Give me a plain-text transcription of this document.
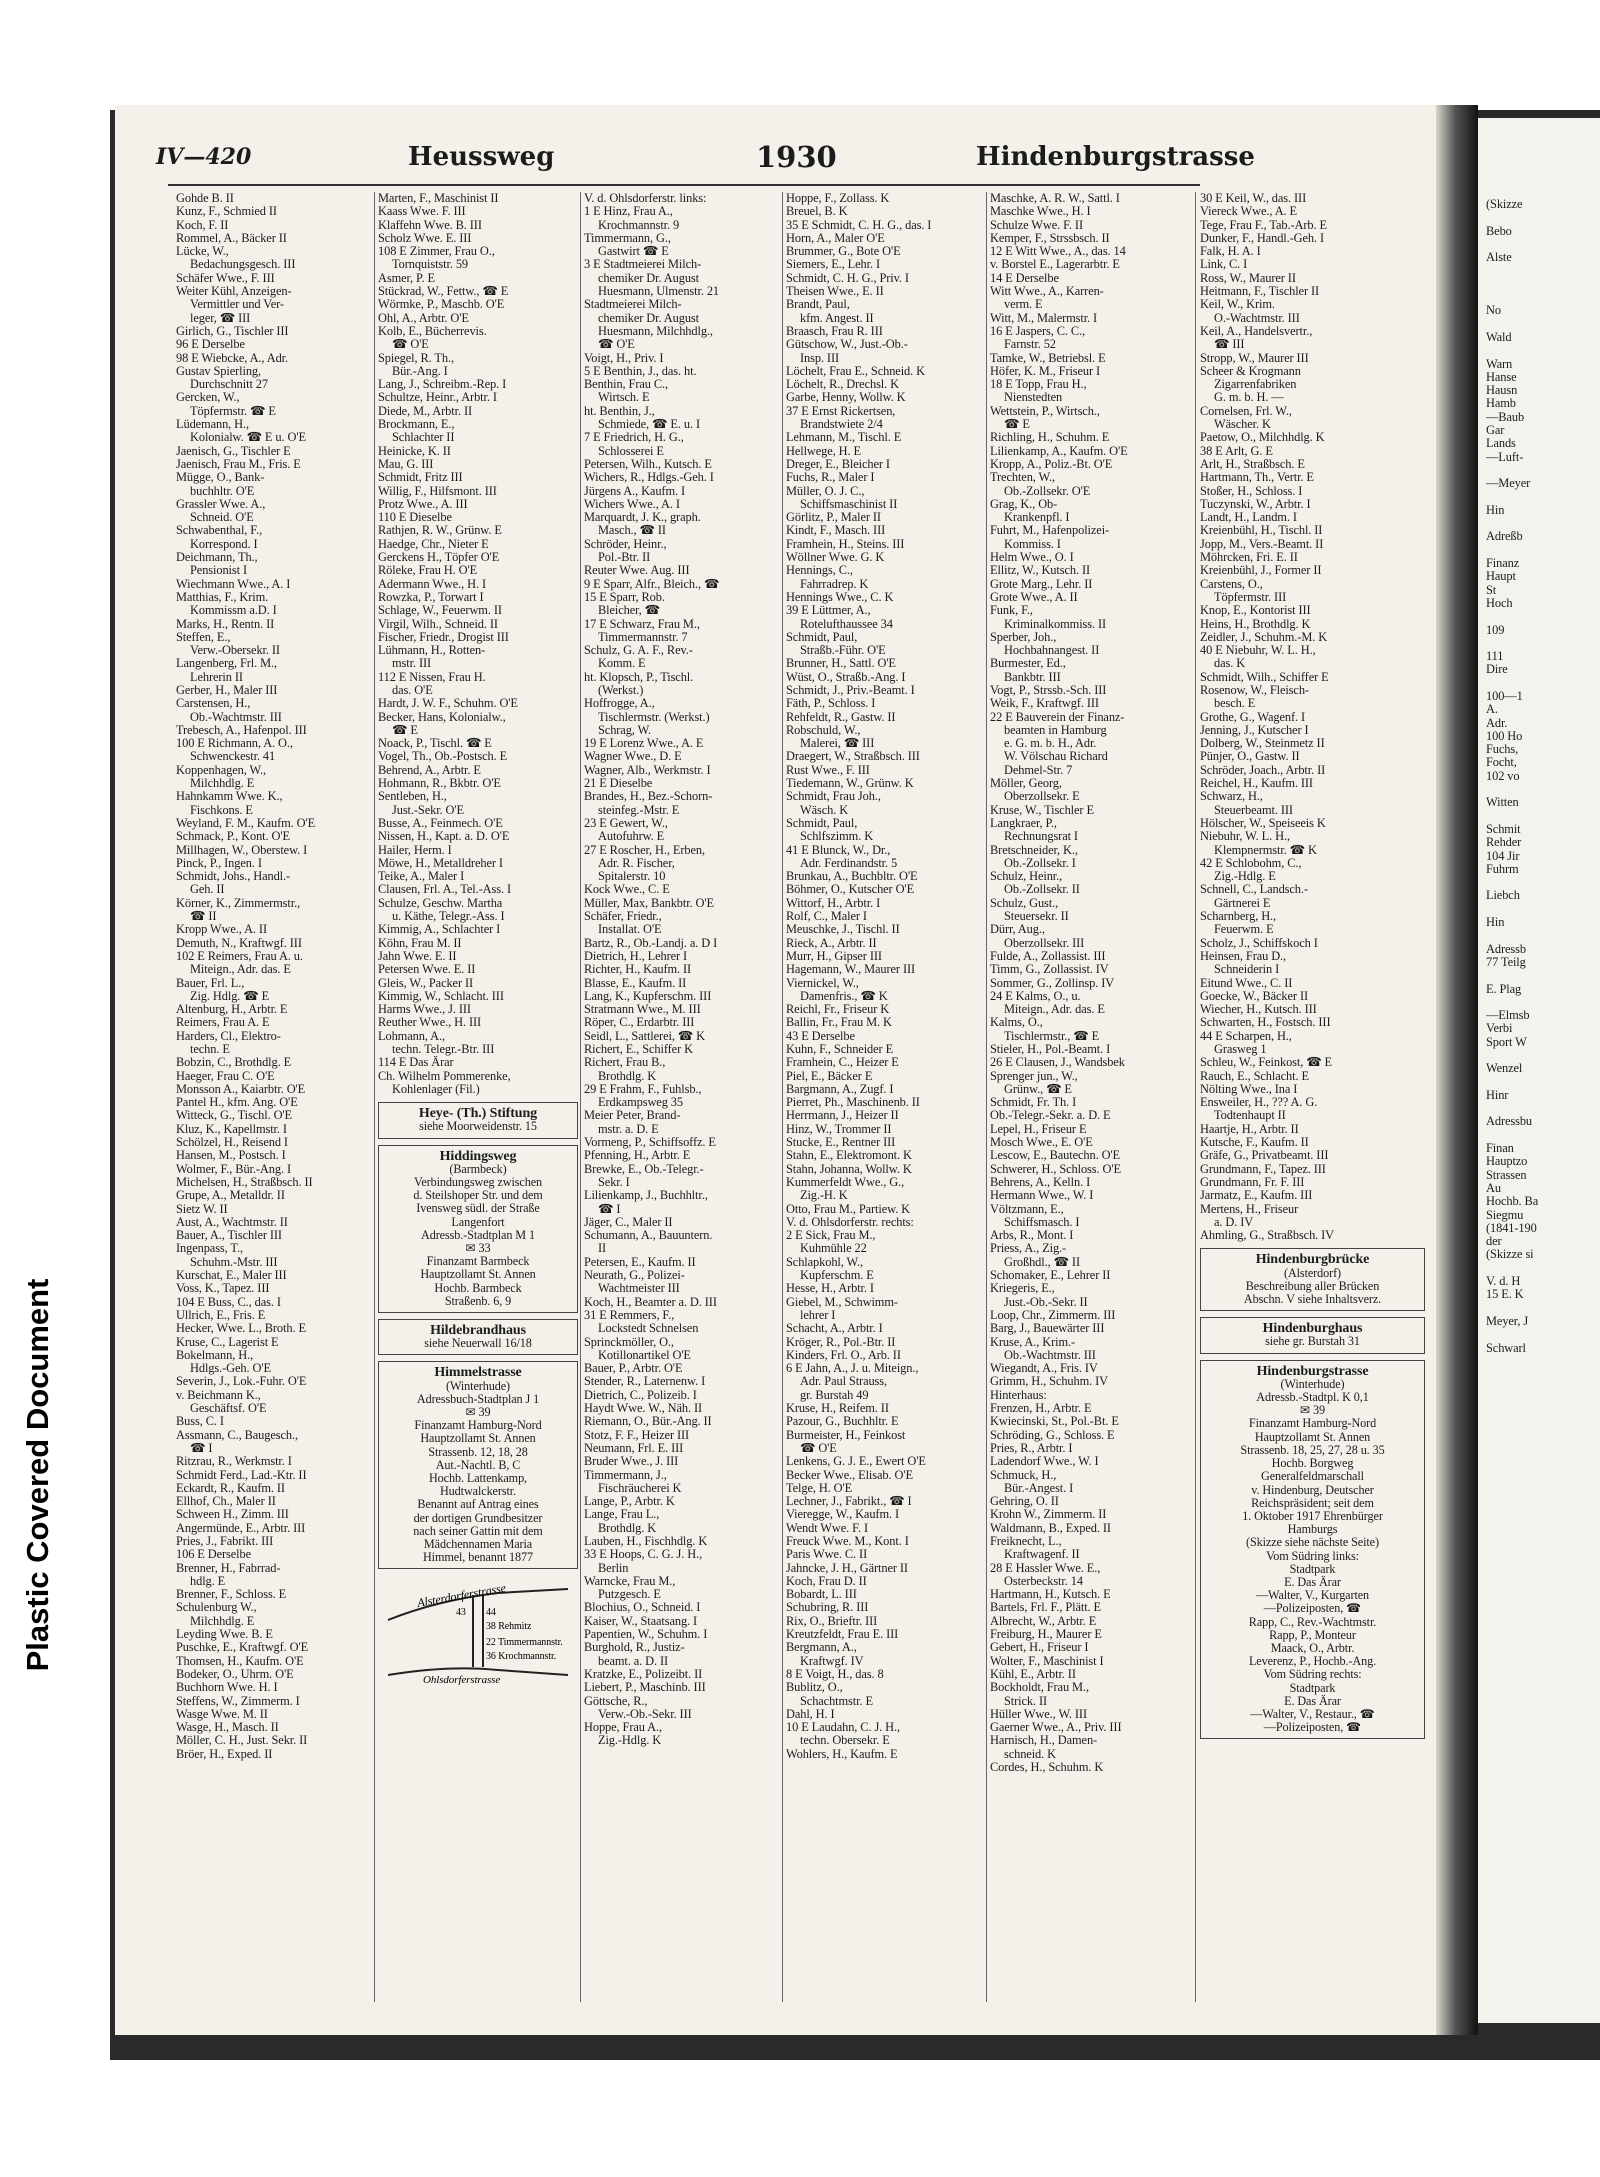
(Skizze
Bebo
Alste
No
Wald
Warn
Hanse
Hausn
Hamb
—Baub
Gar
Lands
—Luft-
—Meyer
Hin
Adreßb
Finanz
Haupt
St
Hoch
109
111
Dire
100—1
A.
Adr.
100 Ho
Fuchs,
Focht,
102 vo
Witten
Schmit
Rehder
104 Jir
Fuhrm
Liebch
Hin
Adressb
77 Teilg
E. Plag
—Elmsb
Verbi
Sport W
Wenzel
Hinr
Adressbu
Finan
Hauptzo
Strassen
Au
Hochb. Ba
Siegmu
(1841-190
der
(Skizze si
V. d. H
15 E. K
Meyer, J
Schwarl
Plastic Covered Document
IV—420	Heussweg	1930	Hindenburgstrasse
Gohde B. II
Kunz, F., Schmied II
Koch, F. II
Rommel, A., Bäcker II
Lücke, W.,
Bedachungsgesch. III
Schäfer Wwe., F. III
Weiter Kühl, Anzeigen-
Vermittler und Ver-
leger, ☎ III
Girlich, G., Tischler III
96 E Derselbe
98 E Wiebcke, A., Adr.
Gustav Spierling,
Durchschnitt 27
Gercken, W.,
Töpfermstr. ☎ E
Lüdemann, H.,
Kolonialw. ☎ E u. O'E
Jaenisch, G., Tischler E
Jaenisch, Frau M., Fris. E
Mügge, O., Bank-
buchhltr. O'E
Grassler Wwe. A.,
Schneid. O'E
Schwabenthal, F.,
Korrespond. I
Deichmann, Th.,
Pensionist I
Wiechmann Wwe., A. I
Matthias, F., Krim.
Kommissm a.D. I
Marks, H., Rentn. II
Steffen, E.,
Verw.-Obersekr. II
Langenberg, Frl. M.,
Lehrerin II
Gerber, H., Maler III
Carstensen, H.,
Ob.-Wachtmstr. III
Trebesch, A., Hafenpol. III
100 E Richmann, A. O.,
Schwenckestr. 41
Koppenhagen, W.,
Milchhdlg. E
Hahnkamm Wwe. K.,
Fischkons. E
Weyland, F. M., Kaufm. O'E
Schmack, P., Kont. O'E
Millhagen, W., Oberstew. I
Pinck, P., Ingen. I
Schmidt, Johs., Handl.-
Geh. II
Körner, K., Zimmermstr.,
☎ II
Kropp Wwe., A. II
Demuth, N., Kraftwgf. III
102 E Reimers, Frau A. u.
Miteign., Adr. das. E
Bauer, Frl. L.,
Zig. Hdlg. ☎ E
Altenburg, H., Arbtr. E
Reimers, Frau A. E
Harders, Cl., Elektro-
techn. E
Bobzin, C., Brothdlg. E
Haeger, Frau C. O'E
Monsson A., Kaiarbtr. O'E
Pantel H., kfm. Ang. O'E
Witteck, G., Tischl. O'E
Kluz, K., Kapellmstr. I
Schölzel, H., Reisend I
Hansen, M., Postsch. I
Wolmer, F., Bür.-Ang. I
Michelsen, H., Straßbsch. II
Grupe, A., Metalldr. II
Sietz W. II
Aust, A., Wachtmstr. II
Bauer, A., Tischler III
Ingenpass, T.,
Schuhm.-Mstr. III
Kurschat, E., Maler III
Voss, K., Tapez. III
104 E Buss, C., das. I
Ullrich, E., Fris. E
Hecker, Wwe. L., Broth. E
Kruse, C., Lagerist E
Bokelmann, H.,
Hdlgs.-Geh. O'E
Severin, J., Lok.-Fuhr. O'E
v. Beichmann K.,
Geschäftsf. O'E
Buss, C. I
Assmann, C., Baugesch.,
☎ I
Ritzrau, R., Werkmstr. I
Schmidt Ferd., Lad.-Ktr. II
Eckardt, R., Kaufm. II
Ellhof, Ch., Maler II
Schween H., Zimm. III
Angermünde, E., Arbtr. III
Pries, J., Fabrikt. III
106 E Derselbe
Brenner, H., Fabrrad-
hdlg. E
Brenner, F., Schloss. E
Schulenburg W.,
Milchhdlg. E
Leyding Wwe. B. E
Puschke, E., Kraftwgf. O'E
Thomsen, H., Kaufm. O'E
Bodeker, O., Uhrm. O'E
Buchhorn Wwe. H. I
Steffens, W., Zimmerm. I
Wasge Wwe. M. II
Wasge, H., Masch. II
Möller, C. H., Just. Sekr. II
Bröer, H., Exped. II
Marten, F., Maschinist II
Kaass Wwe. F. III
Klaffehn Wwe. B. III
Scholz Wwe. E. III
108 E Zimmer, Frau O.,
Tornquiststr. 59
Asmer, P. E
Stückrad, W., Fettw., ☎ E
Wörmke, P., Maschb. O'E
Ohl, A., Arbtr. O'E
Kolb, E., Bücherrevis.
☎ O'E
Spiegel, R. Th.,
Bür.-Ang. I
Lang, J., Schreibm.-Rep. I
Schultze, Heinr., Arbtr. I
Diede, M., Arbtr. II
Brockmann, E.,
Schlachter II
Heinicke, K. II
Mau, G. III
Schmidt, Fritz III
Willig, F., Hilfsmont. III
Protz Wwe., A. III
110 E Dieselbe
Rathjen, R. W., Grünw. E
Haedge, Chr., Nieter E
Gerckens H., Töpfer O'E
Röleke, Frau H. O'E
Adermann Wwe., H. I
Rowzka, P., Torwart I
Schlage, W., Feuerwm. II
Virgil, Wilh., Schneid. II
Fischer, Friedr., Drogist III
Lühmann, H., Rotten-
mstr. III
112 E Nissen, Frau H.
das. O'E
Hardt, J. W. F., Schuhm. O'E
Becker, Hans, Kolonialw.,
☎ E
Noack, P., Tischl. ☎ E
Vogel, Th., Ob.-Postsch. E
Behrend, A., Arbtr. E
Hohmann, R., Bkbtr. O'E
Sentleben, H.,
Just.-Sekr. O'E
Busse, A., Feinmech. O'E
Nissen, H., Kapt. a. D. O'E
Hailer, Herm. I
Möwe, H., Metalldreher I
Teike, A., Maler I
Clausen, Frl. A., Tel.-Ass. I
Schulze, Geschw. Martha
u. Käthe, Telegr.-Ass. I
Kimmig, A., Schlachter I
Köhn, Frau M. II
Jahn Wwe. E. II
Petersen Wwe. E. II
Gleis, W., Packer II
Kimmig, W., Schlacht. III
Harms Wwe., J. III
Reuther Wwe., H. III
Lohmann, A.,
techn. Telegr.-Btr. III
114 E Das Ärar
Ch. Wilhelm Pommerenke,
Kohlenlager (Fil.)
Heye- (Th.) Stiftung
siehe Moorweidenstr. 15
Hiddingsweg
(Barmbeck)
Verbindungsweg zwischen
d. Steilshoper Str. und dem
Ivensweg südl. der Straße
Langenfort
Adressb.-Stadtplan M 1
✉ 33
Finanzamt Barmbeck
Hauptzollamt St. Annen
Hochb. Barmbeck
Straßenb. 6, 9
Hildebrandhaus
siehe Neuerwall 16/18
Himmelstrasse
(Winterhude)
Adressbuch-Stadtplan J 1
✉ 39
Finanzamt Hamburg-Nord
Hauptzollamt St. Annen
Strassenb. 12, 18, 28
Aut.-Nachtl. B, C
Hochb. Lattenkamp,
Hudtwalckerstr.
Benannt auf Antrag eines
der dortigen Grundbesitzer
nach seiner Gattin mit dem
Mädchennamen Maria
Himmel, benannt 1877
Alsterdorferstrasse
Ohlsdorferstrasse
43 44
38 Rehmitz
22 Timmermannstr.
36 Krochmannstr.
V. d. Ohlsdorferstr. links:
1 E Hinz, Frau A.,
Krochmannstr. 9
Timmermann, G.,
Gastwirt ☎ E
3 E Stadtmeierei Milch-
chemiker Dr. August
Huesmann, Ulmenstr. 21
Stadtmeierei Milch-
chemiker Dr. August
Huesmann, Milchhdlg.,
☎ O'E
Voigt, H., Priv. I
5 E Benthin, J., das. ht.
Benthin, Frau C.,
Wirtsch. E
ht. Benthin, J.,
Schmiede, ☎ E. u. I
7 E Friedrich, H. G.,
Schlosserei E
Petersen, Wilh., Kutsch. E
Wichers, R., Hdlgs.-Geh. I
Jürgens A., Kaufm. I
Wichers Wwe., A. I
Marquardt, J. K., graph.
Masch., ☎ II
Schröder, Heinr.,
Pol.-Btr. II
Reuter Wwe. Aug. III
9 E Sparr, Alfr., Bleich., ☎
15 E Sparr, Rob.
Bleicher, ☎
17 E Schwarz, Frau M.,
Timmermannstr. 7
Schulz, G. A. F., Rev.-
Komm. E
ht. Klopsch, P., Tischl.
(Werkst.)
Hoffrogge, A.,
Tischlermstr. (Werkst.)
Schrag, W.
19 E Lorenz Wwe., A. E
Wagner Wwe., D. E
Wagner, Alb., Werkmstr. I
21 E Dieselbe
Brandes, H., Bez.-Schorn-
steinfeg.-Mstr. E
23 E Gewert, W.,
Autofuhrw. E
27 E Roscher, H., Erben,
Adr. R. Fischer,
Spitalerstr. 10
Kock Wwe., C. E
Müller, Max, Bankbtr. O'E
Schäfer, Friedr.,
Installat. O'E
Bartz, R., Ob.-Landj. a. D I
Dietrich, H., Lehrer I
Richter, H., Kaufm. II
Blasse, E., Kaufm. II
Lang, K., Kupferschm. III
Stratmann Wwe., M. III
Röper, C., Erdarbtr. III
Seidl, L., Sattlerei, ☎ K
Richert, E., Schiffer K
Richert, Frau B.,
Brothdlg. K
29 E Frahm, F., Fuhlsb.,
Erdkampsweg 35
Meier Peter, Brand-
mstr. a. D. E
Vormeng, P., Schiffsoffz. E
Pfenning, H., Arbtr. E
Brewke, E., Ob.-Telegr.-
Sekr. I
Lilienkamp, J., Buchhltr.,
☎ I
Jäger, C., Maler II
Schumann, A., Bauuntern.
II
Petersen, E., Kaufm. II
Neurath, G., Polizei-
Wachtmeister III
Koch, H., Beamter a. D. III
31 E Remmers, F.,
Lockstedt Schnelsen
Sprinckmöller, O.,
Kotillonartikel O'E
Bauer, P., Arbtr. O'E
Stender, R., Laternenw. I
Dietrich, C., Polizeib. I
Haydt Wwe. W., Näh. II
Riemann, O., Bür.-Ang. II
Stotz, F. F., Heizer III
Neumann, Frl. E. III
Bruder Wwe., J. III
Timmermann, J.,
Fischräucherei K
Lange, P., Arbtr. K
Lange, Frau L.,
Brothdlg. K
Lauben, H., Fischhdlg. K
33 E Hoops, C. G. J. H.,
Berlin
Warncke, Frau M.,
Putzgesch. E
Blochius, O., Schneid. I
Kaiser, W., Staatsang. I
Papentien, W., Schuhm. I
Burghold, R., Justiz-
beamt. a. D. II
Kratzke, E., Polizeibt. II
Liebert, P., Maschinb. III
Göttsche, R.,
Verw.-Ob.-Sekr. III
Hoppe, Frau A.,
Zig.-Hdlg. K
Hoppe, F., Zollass. K
Breuel, B. K
35 E Schmidt, C. H. G., das. I
Horn, A., Maler O'E
Brummer, G., Bote O'E
Siemers, E., Lehr. I
Schmidt, C. H. G., Priv. I
Theisen Wwe., E. II
Brandt, Paul,
kfm. Angest. II
Braasch, Frau R. III
Gütschow, W., Just.-Ob.-
Insp. III
Löchelt, Frau E., Schneid. K
Löchelt, R., Drechsl. K
Garbe, Henny, Wollw. K
37 E Ernst Rickertsen,
Brandstwiete 2/4
Lehmann, M., Tischl. E
Hellwege, H. E
Dreger, E., Bleicher I
Fuchs, R., Maler I
Müller, O. J. C.,
Schiffsmaschinist II
Görlitz, P., Maler II
Kindt, F., Masch. III
Framhein, H., Steins. III
Wöllner Wwe. G. K
Hennings, C.,
Fahrradrep. K
Hennings Wwe., C. K
39 E Lüttmer, A.,
Rotelufthaussee 34
Schmidt, Paul,
Straßb.-Führ. O'E
Brunner, H., Sattl. O'E
Wüst, O., Straßb.-Ang. I
Schmidt, J., Priv.-Beamt. I
Fäth, P., Schloss. I
Rehfeldt, R., Gastw. II
Robschuld, W.,
Malerei, ☎ III
Draegert, W., Straßbsch. III
Rust Wwe., F. III
Tiedemann, W., Grünw. K
Schmidt, Frau Joh.,
Wäsch. K
Schmidt, Paul,
Schlfszimm. K
41 E Blunck, W., Dr.,
Adr. Ferdinandstr. 5
Brunkau, A., Buchbltr. O'E
Böhmer, O., Kutscher O'E
Wittorf, H., Arbtr. I
Rolf, C., Maler I
Meuschke, J., Tischl. II
Rieck, A., Arbtr. II
Murr, H., Gipser III
Hagemann, W., Maurer III
Viernickel, W.,
Damenfris., ☎ K
Reichl, Fr., Friseur K
Ballin, Fr., Frau M. K
43 E Derselbe
Kuhn, F., Schneider E
Framhein, C., Heizer E
Piel, E., Bäcker E
Bargmann, A., Zugf. I
Pierret, Ph., Maschinenb. II
Herrmann, J., Heizer II
Hinz, W., Trommer II
Stucke, E., Rentner III
Stahn, E., Elektromont. K
Stahn, Johanna, Wollw. K
Kummerfeldt Wwe., G.,
Zig.-H. K
Otto, Frau M., Partiew. K
V. d. Ohlsdorferstr. rechts:
2 E Sick, Frau M.,
Kuhmühle 22
Schlapkohl, W.,
Kupferschm. E
Hesse, H., Arbtr. I
Giebel, M., Schwimm-
lehrer I
Schacht, A., Arbtr. I
Kröger, R., Pol.-Btr. II
Kinders, Frl. O., Arb. II
6 E Jahn, A., J. u. Miteign.,
Adr. Paul Strauss,
gr. Burstah 49
Kruse, H., Reifem. II
Pazour, G., Buchhltr. E
Burmeister, H., Feinkost
☎ O'E
Lenkens, G. J. E., Ewert O'E
Becker Wwe., Elisab. O'E
Telge, H. O'E
Lechner, J., Fabrikt., ☎ I
Vieregge, W., Kaufm. I
Wendt Wwe. F. I
Freuck Wwe. M., Kont. I
Paris Wwe. C. II
Jahncke, J. H., Gärtner II
Koch, Frau D. II
Bobardt, L. III
Schubring, R. III
Rix, O., Brieftr. III
Kreutzfeldt, Frau E. III
Bergmann, A.,
Kraftwgf. IV
8 E Voigt, H., das. 8
Bublitz, O.,
Schachtmstr. E
Dahl, H. I
10 E Laudahn, C. J. H.,
techn. Obersekr. E
Wohlers, H., Kaufm. E
Maschke, A. R. W., Sattl. I
Maschke Wwe., H. I
Schulze Wwe. F. II
Kemper, F., Strssbsch. II
12 E Witt Wwe., A., das. 14
v. Borstel E., Lagerarbtr. E
14 E Derselbe
Witt Wwe., A., Karren-
verm. E
Witt, M., Malermstr. I
16 E Jaspers, C. C.,
Farnstr. 52
Tamke, W., Betriebsl. E
Höfer, K. M., Friseur I
18 E Topp, Frau H.,
Nienstedten
Wettstein, P., Wirtsch.,
☎ E
Richling, H., Schuhm. E
Lilienkamp, A., Kaufm. O'E
Kropp, A., Poliz.-Bt. O'E
Trechten, W.,
Ob.-Zollsekr. O'E
Grag, K., Ob-
Krankenpfl. I
Fuhrt, M., Hafenpolizei-
Kommiss. I
Helm Wwe., O. I
Ellitz, W., Kutsch. II
Grote Marg., Lehr. II
Grote Wwe., A. II
Funk, F.,
Kriminalkommiss. II
Sperber, Joh.,
Hochbahnangest. II
Burmester, Ed.,
Bankbtr. III
Vogt, P., Strssb.-Sch. III
Weik, F., Kraftwgf. III
22 E Bauverein der Finanz-
beamten in Hamburg
e. G. m. b. H., Adr.
W. Völschau Richard
Dehmel-Str. 7
Möller, Georg,
Oberzollsekr. E
Kruse, W., Tischler E
Langkraer, P.,
Rechnungsrat I
Bretschneider, K.,
Ob.-Zollsekr. I
Schulz, Heinr.,
Ob.-Zollsekr. II
Schulz, Gust.,
Steuersekr. II
Dürr, Aug.,
Oberzollsekr. III
Fulde, A., Zollassist. III
Timm, G., Zollassist. IV
Sommer, G., Zollinsp. IV
24 E Kalms, O., u.
Miteign., Adr. das. E
Kalms, O.,
Tischlermstr., ☎ E
Stieler, H., Pol.-Beamt. I
26 E Clausen, J., Wandsbek
Sprenger jun., W.,
Grünw., ☎ E
Schmidt, Fr. Th. I
Ob.-Telegr.-Sekr. a. D. E
Lepel, H., Friseur E
Mosch Wwe., E. O'E
Lescow, E., Bautechn. O'E
Schwerer, H., Schloss. O'E
Behrens, A., Kelln. I
Hermann Wwe., W. I
Völtzmann, E.,
Schiffsmasch. I
Arbs, R., Mont. I
Priess, A., Zig.-
Großhdl., ☎ II
Schomaker, E., Lehrer II
Kriegeris, E.,
Just.-Ob.-Sekr. II
Loop, Chr., Zimmerm. III
Barg, J., Bauewärter III
Kruse, A., Krim.-
Ob.-Wachtmstr. III
Wiegandt, A., Fris. IV
Grimm, H., Schuhm. IV
Hinterhaus:
Frenzen, H., Arbtr. E
Kwiecinski, St., Pol.-Bt. E
Schröding, G., Schloss. E
Pries, R., Arbtr. I
Ladendorf Wwe., W. I
Schmuck, H.,
Bür.-Angest. I
Gehring, O. II
Krohn W., Zimmerm. II
Waldmann, B., Exped. II
Freiknecht, L.,
Kraftwagenf. II
28 E Hassler Wwe. E.,
Osterbeckstr. 14
Hartmann, H., Kutsch. E
Bartels, Frl. F., Plätt. E
Albrecht, W., Arbtr. E
Freiburg, H., Maurer E
Gebert, H., Friseur I
Wolter, F., Maschinist I
Kühl, E., Arbtr. II
Bockholdt, Frau M.,
Strick. II
Hüller Wwe., W. III
Gaerner Wwe., A., Priv. III
Harnisch, H., Damen-
schneid. K
Cordes, H., Schuhm. K
30 E Keil, W., das. III
Viereck Wwe., A. E
Tege, Frau F., Tab.-Arb. E
Dunker, F., Handl.-Geh. I
Falk, H. A. I
Link, C. I
Ross, W., Maurer II
Heitmann, F., Tischler II
Keil, W., Krim.
O.-Wachtmstr. III
Keil, A., Handelsvertr.,
☎ III
Stropp, W., Maurer III
Scheer & Krogmann
Zigarrenfabriken
G. m. b. H. —
Cornelsen, Frl. W.,
Wäscher. K
Paetow, O., Milchhdlg. K
38 E Arlt, G. E
Arlt, H., Straßbsch. E
Hartmann, Th., Vertr. E
Stoßer, H., Schloss. I
Tuczynski, W., Arbtr. I
Landt, H., Landm. I
Kreienbühl, H., Tischl. II
Jopp, M., Vers.-Beamt. II
Möhrcken, Fri. E. II
Kreienbühl, J., Former II
Carstens, O.,
Töpfermstr. III
Knop, E., Kontorist III
Heins, H., Brothdlg. K
Zeidler, J., Schuhm.-M. K
40 E Niebuhr, W. L. H.,
das. K
Schmidt, Wilh., Schiffer E
Rosenow, W., Fleisch-
besch. E
Grothe, G., Wagenf. I
Jenning, J., Kutscher I
Dolberg, W., Steinmetz II
Pünjer, O., Gastw. II
Schröder, Joach., Arbtr. II
Reichel, H., Kaufm. III
Schwarz, H.,
Steuerbeamt. III
Hölscher, W., Speiseeis K
Niebuhr, W. L. H.,
Klempnermstr. ☎ K
42 E Schlobohm, C.,
Zig.-Hdlg. E
Schnell, C., Landsch.-
Gärtnerei E
Scharnberg, H.,
Feuerwm. E
Scholz, J., Schiffskoch I
Heinsen, Frau D.,
Schneiderin I
Eitund Wwe., C. II
Goecke, W., Bäcker II
Wiecher, H., Kutsch. III
Schwarten, H., Fostsch. III
44 E Scharpen, H.,
Grasweg 1
Schleu, W., Feinkost, ☎ E
Rauch, E., Schlacht. E
Nölting Wwe., Ina I
Ensweiler, H., ??? A. G.
Todtenhaupt II
Haartje, H., Arbtr. II
Kutsche, F., Kaufm. II
Gräfe, G., Privatbeamt. III
Grundmann, F., Tapez. III
Grundmann, Fr. F. III
Jarmatz, E., Kaufm. III
Mertens, H., Friseur
a. D. IV
Ahmling, G., Straßbsch. IV
Hindenburgbrücke
(Alsterdorf)
Beschreibung aller Brücken
Abschn. V siehe Inhaltsverz.
Hindenburghaus
siehe gr. Burstah 31
Hindenburgstrasse
(Winterhude)
Adressb.-Stadtpl. K 0,1
✉ 39
Finanzamt Hamburg-Nord
Hauptzollamt St. Annen
Strassenb. 18, 25, 27, 28 u. 35
Hochb. Borgweg
Generalfeldmarschall
v. Hindenburg, Deutscher
Reichspräsident; seit dem
1. Oktober 1917 Ehrenbürger
Hamburgs
(Skizze siehe nächste Seite)
Vom Südring links:
Stadtpark
E. Das Ärar
—Walter, V., Kurgarten
—Polizeiposten, ☎
Rapp, C., Rev.-Wachtmstr.
Rapp, P., Monteur
Maack, O., Arbtr.
Leverenz, P., Hochb.-Ang.
Vom Südring rechts:
Stadtpark
E. Das Ärar
—Walter, V., Restaur., ☎
—Polizeiposten, ☎
